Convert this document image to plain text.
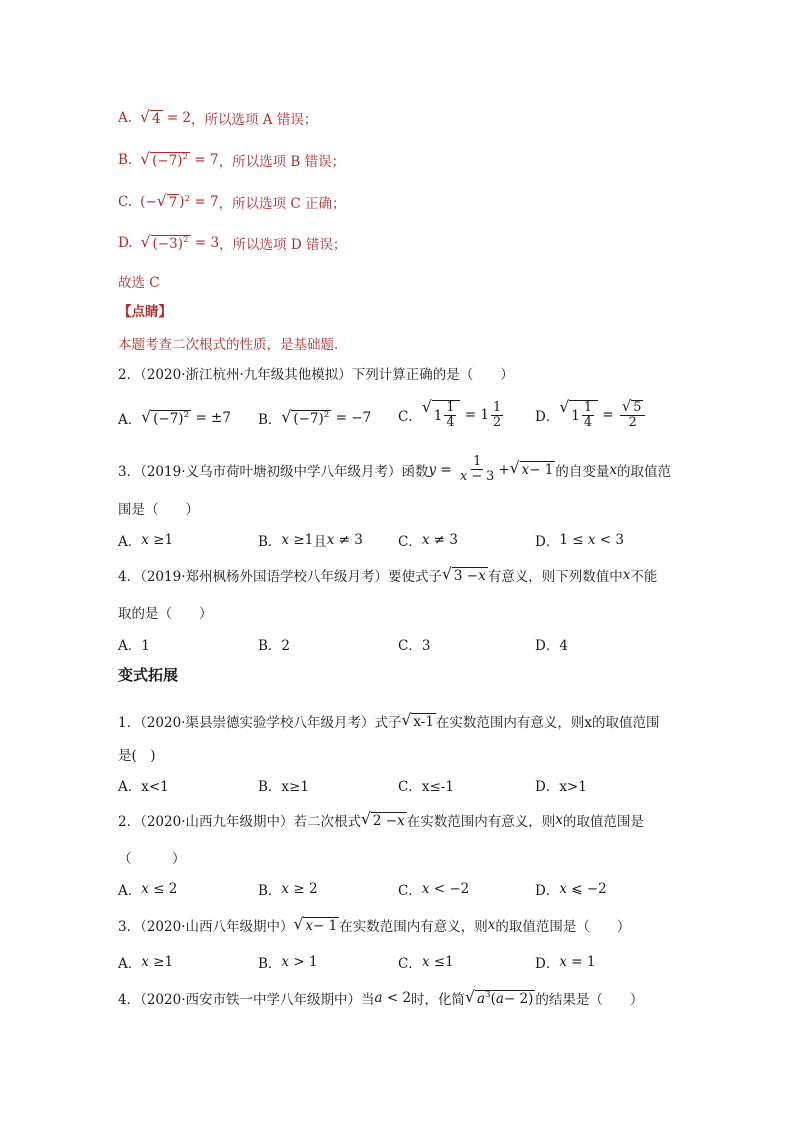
A. √ 4 = 2 ，所以选项 A 错误；
B. √ (−7) 2 = 7 ，所以选项 B 错误；
C. (− √ 7 ) 2 = 7 ，所以选项 C 正确；
D. √ (−3) 2 = 3 ，所以选项 D 错误；
故选 C
【点睛】
本题考查二次根式的性质，是基础题．
2．（2020·浙江杭州·九年级其他模拟）下列计算正确的是（　　）
A． √ (−7) 2 = ±7 B． √ (−7) 2 = −7 C．
√ $1 \frac{1}{4} = 1 \frac{1}{2}$ D．
√ $1 \frac{1}{4} = \frac{√ 5}{2}$
3．（2019·义乌市荷叶塘初级中学八年级月考）函数 $y = \frac{1}{x - 3}$ + √ x − 1 的自变量 x 的取值范
围是（　　）
A． x ≥1	B． x ≥1 且 x ≠ 3	C． x ≠ 3	D． 1 ≤ x < 3
4．（2019·郑州枫杨外国语学校八年级月考）要使式子 √ 3 − x 有意义，则下列数值中 x 不能
取的是（　　）
A．1	B．2	C．3	D．4
变式拓展
1．（2020·渠县崇德实验学校八年级月考）式子 √ x-1 在实数范围内有意义，则x的取值范围
是(　)
A．x<1	B．x≥1	C．x≤-1	D．x>1
2．（2020·山西九年级期中）若二次根式 √ 2 − x 在实数范围内有意义，则 x 的取值范围是
（　　　）
A． x ≤ 2	B． x ≥ 2	C． x < −2	D． x ⩽ −2
3．（2020·山西八年级期中） √ x − 1 在实数范围内有意义，则 x 的取值范围是（　　）
A． x ≥1	B． x > 1	C． x ≤1	D． x = 1
4．（2020·西安市铁一中学八年级期中）当 a < 2 时，化简 √ a 3 ( a − 2) 的结果是（　　）
